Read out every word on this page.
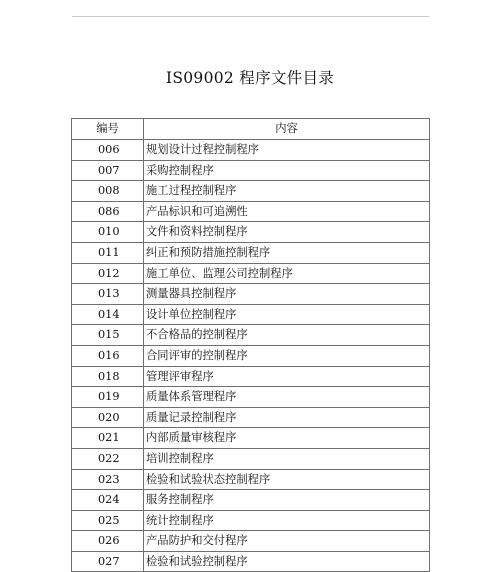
IS09002 程序文件目录
编号	内容
006	规划设计过程控制程序
007	采购控制程序
008	施工过程控制程序
086	产品标识和可追溯性
010	文件和资料控制程序
011	纠正和预防措施控制程序
012	施工单位、监理公司控制程序
013	测量器具控制程序
014	设计单位控制程序
015	不合格品的控制程序
016	合同评审的控制程序
018	管理评审程序
019	质量体系管理程序
020	质量记录控制程序
021	内部质量审核程序
022	培训控制程序
023	检验和试验状态控制程序
024	服务控制程序
025	统计控制程序
026	产品防护和交付程序
027	检验和试验控制程序
